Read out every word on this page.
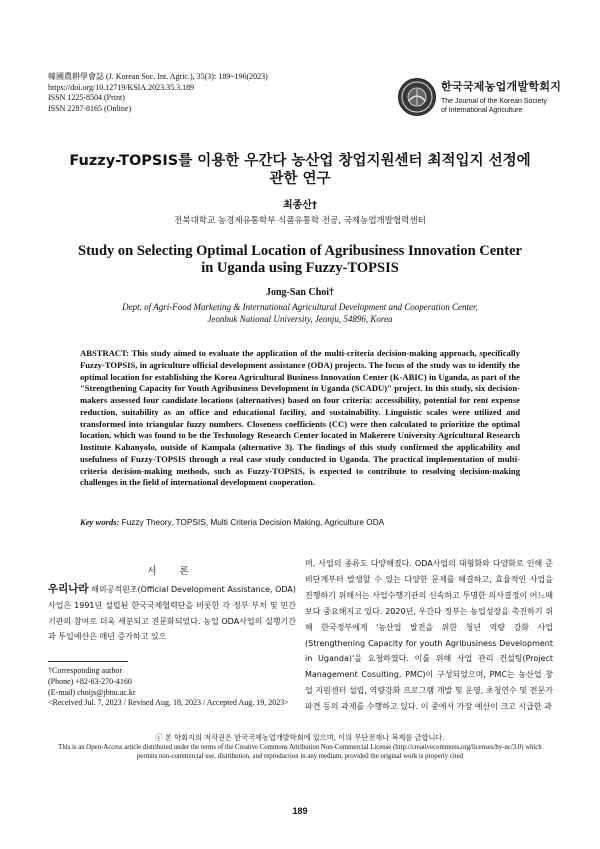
韓國農耕學會誌 (J. Korean Soc. Int. Agric.), 35(3): 189~196(2023)
https://doi.org/10.12719/KSIA.2023.35.3.189
ISSN 1225-8504 (Print)
ISSN 2287-8165 (Online)
한국국제농업개발학회지
The Journal of the Korean Society
of International Agriculture
Fuzzy-TOPSIS를 이용한 우간다 농산업 창업지원센터 최적입지 선정에
관한 연구
최종산†
전북대학교 농경제유통학부 식품유통학 전공, 국제농업개발협력센터
Study on Selecting Optimal Location of Agribusiness Innovation Center
in Uganda using Fuzzy-TOPSIS
Jong-San Choi†
Dept. of Agri-Food Marketing & International Agricultural Development and Cooperation Center,
Jeonbuk National University, Jeonju, 54896, Korea
ABSTRACT: This study aimed to evaluate the application of the multi-criteria decision-making approach, specifically Fuzzy-TOPSIS, in agriculture official development assistance (ODA) projects. The focus of the study was to identify the optimal location for establishing the Korea Agricultural Business Innovation Center (K-ABIC) in Uganda, as part of the "Strengthening Capacity for Youth Agribusiness Development in Uganda (SCADU)" project. In this study, six decision-makers assessed four candidate locations (alternatives) based on four criteria: accessibility, potential for rent expense reduction, suitability as an office and educational facility, and sustainability. Linguistic scales were utilized and transformed into triangular fuzzy numbers. Closeness coefficients (CC) were then calculated to prioritize the optimal location, which was found to be the Technology Research Center located in Makerere University Agricultural Research Institute Kabanyolo, outside of Kampala (alternative 3). The findings of this study confirmed the applicability and usefulness of Fuzzy-TOPSIS through a real case study conducted in Uganda. The practical implementation of multi-criteria decision-making methods, such as Fuzzy-TOPSIS, is expected to contribute to resolving decision-making challenges in the field of international development cooperation.
Key words: Fuzzy Theory, TOPSIS, Multi Criteria Decision Making, Agriculture ODA
서 론
우리나라 해외공적원조(Official Development Assistance, ODA) 사업은 1991년 설립된 한국국제협력단을 비롯한 각 정부 부처 및 민간기관의 참여로 더욱 세분되고 전문화되었다. 농업 ODA사업의 실행기간과 투입예산은 매년 증가하고 있으
며, 사업의 종류도 다양해졌다. ODA사업의 대형화와 다양화로 인해 준비단계부터 발생할 수 있는 다양한 문제를 해결하고, 효율적인 사업을 진행하기 위해서는 사업수행기관의 신속하고 투명한 의사결정이 어느때보다 중요해지고 있다. 2020년, 우간다 정부는 농업성장을 촉진하기 위해 한국정부에게 '농산업 발전을 위한 청년 역량 강화 사업(Strengthening Capacity for youth Agribusiness Development in Uganda)'을 요청하였다. 이를 위해 사업 관리 컨설팅(Project Management Cosulting, PMC)이 구성되었으며, PMC는 농산업 창업 지원센터 설립, 역량강화 프로그램 개발 및 운영, 초청연수 및 전문가 파견 등의 과제를 수행하고 있다. 이 중에서 가장 예산이 크고 시급한 과
†Corresponding author
(Phone) +82-63-270-4160
(E-mail) choijs@jbnu.ac.kr
<Received Jul. 7, 2023 / Revised Aug. 18, 2023 / Accepted Aug. 19, 2023>
ⓒ 본 학회지의 저작권은 한국국제농업개발학회에 있으며, 이의 무단전재나 복제를 금합니다.
This is an Open-Access article distributed under the terms of the Creative Commons Attribution Non-Commercial License (http://creativecommons.org/licenses/by-nc/3.0) which
permits non-commercial use, distribution, and reproduction in any medium, provided the original work is properly cited
189
